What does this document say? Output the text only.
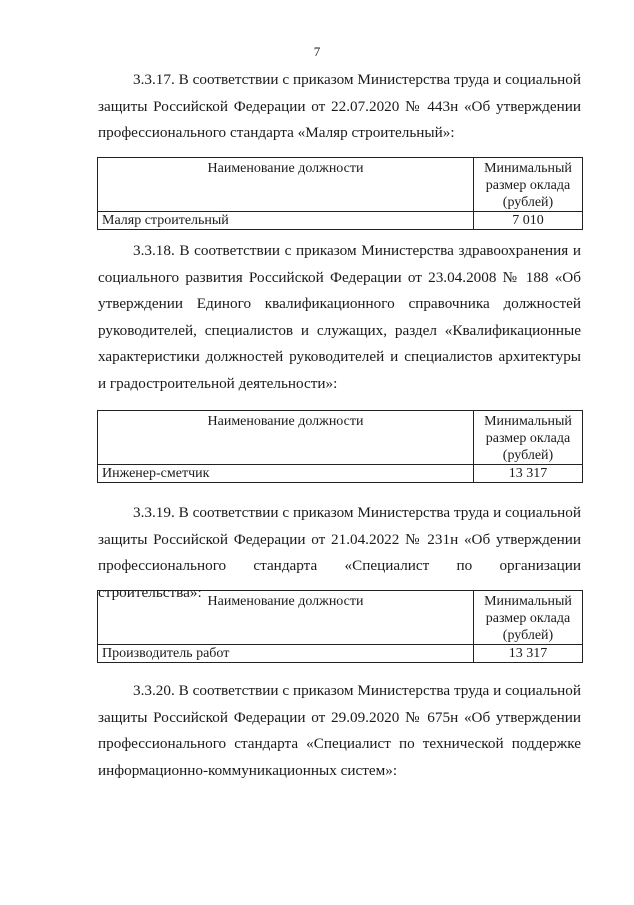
7

3.3.17. В соответствии с приказом Министерства труда и социальной защиты Российской Федерации от 22.07.2020 № 443н «Об утверждении профессионального стандарта «Маляр строительный»:

Наименование должности	Минимальный размер оклада (рублей)
Маляр строительный	7 010

3.3.18. В соответствии с приказом Министерства здравоохранения и социального развития Российской Федерации от 23.04.2008 № 188 «Об утверждении Единого квалификационного справочника должностей руководителей, специалистов и служащих, раздел «Квалификационные характеристики должностей руководителей и специалистов архитектуры и градостроительной деятельности»:

Наименование должности	Минимальный размер оклада (рублей)
Инженер-сметчик	13 317

3.3.19. В соответствии с приказом Министерства труда и социальной защиты Российской Федерации от 21.04.2022 № 231н «Об утверждении профессионального стандарта «Специалист по организации строительства»:

Наименование должности	Минимальный размер оклада (рублей)
Производитель работ	13 317

3.3.20. В соответствии с приказом Министерства труда и социальной защиты Российской Федерации от 29.09.2020 № 675н «Об утверждении профессионального стандарта «Специалист по технической поддержке информационно-коммуникационных систем»:
